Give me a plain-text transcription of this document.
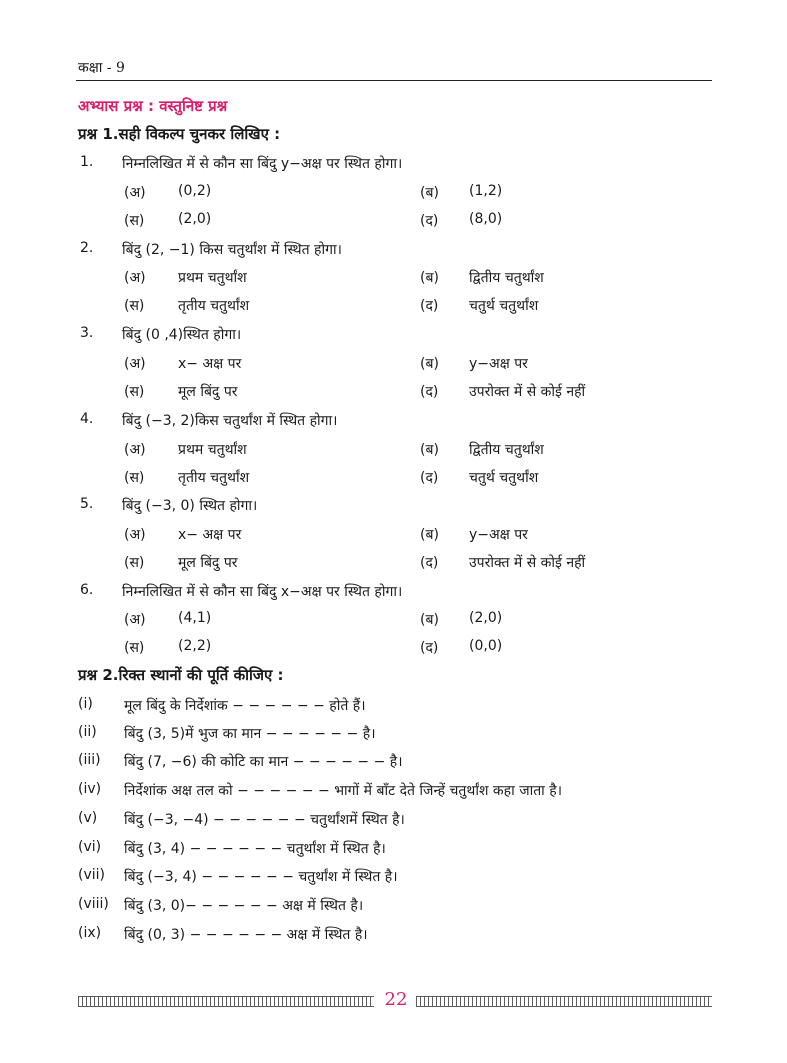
कक्षा - 9
अभ्यास प्रश्न : वस्तुनिष्ट प्रश्न
प्रश्न 1.सही विकल्प चुनकर लिखिए :
1. निम्नलिखित में से कौन सा बिंदु y−अक्ष पर स्थित होगा।
(अ) (0,2)	(ब) (1,2)
(स) (2,0)	(द) (8,0)
2. बिंदु (2, −1) किस चतुर्थांश में स्थित होगा।
(अ) प्रथम चतुर्थांश	(ब) द्वितीय चतुर्थांश
(स) तृतीय चतुर्थांश	(द) चतुर्थ चतुर्थांश
3. बिंदु (0 ,4)स्थित होगा।
(अ) x− अक्ष पर	(ब) y−अक्ष पर
(स) मूल बिंदु पर	(द) उपरोक्त में से कोई नहीं
4. बिंदु (−3, 2)किस चतुर्थांश में स्थित होगा।
(अ) प्रथम चतुर्थांश	(ब) द्वितीय चतुर्थांश
(स) तृतीय चतुर्थांश	(द) चतुर्थ चतुर्थांश
5. बिंदु (−3, 0) स्थित होगा।
(अ) x− अक्ष पर	(ब) y−अक्ष पर
(स) मूल बिंदु पर	(द) उपरोक्त में से कोई नहीं
6. निम्नलिखित में से कौन सा बिंदु x−अक्ष पर स्थित होगा।
(अ) (4,1)	(ब) (2,0)
(स) (2,2)	(द) (0,0)
प्रश्न 2.रिक्त स्थानों की पूर्ति कीजिए :
(i) मूल बिंदु के निर्देशांक − − − − − − होते हैं।
(ii) बिंदु (3, 5)में भुज का मान − − − − − − है।
(iii) बिंदु (7, −6) की कोटि का मान − − − − − − है।
(iv) निर्देशांक अक्ष तल को − − − − − − भागों में बाँट देते जिन्हें चतुर्थांश कहा जाता है।
(v) बिंदु (−3, −4) − − − − − − चतुर्थांशमें स्थित है।
(vi) बिंदु (3, 4) − − − − − − चतुर्थांश में स्थित है।
(vii) बिंदु (−3, 4) − − − − − − चतुर्थांश में स्थित है।
(viii) बिंदु (3, 0)− − − − − − अक्ष में स्थित है।
(ix) बिंदु (0, 3) − − − − − − अक्ष में स्थित है।
22
